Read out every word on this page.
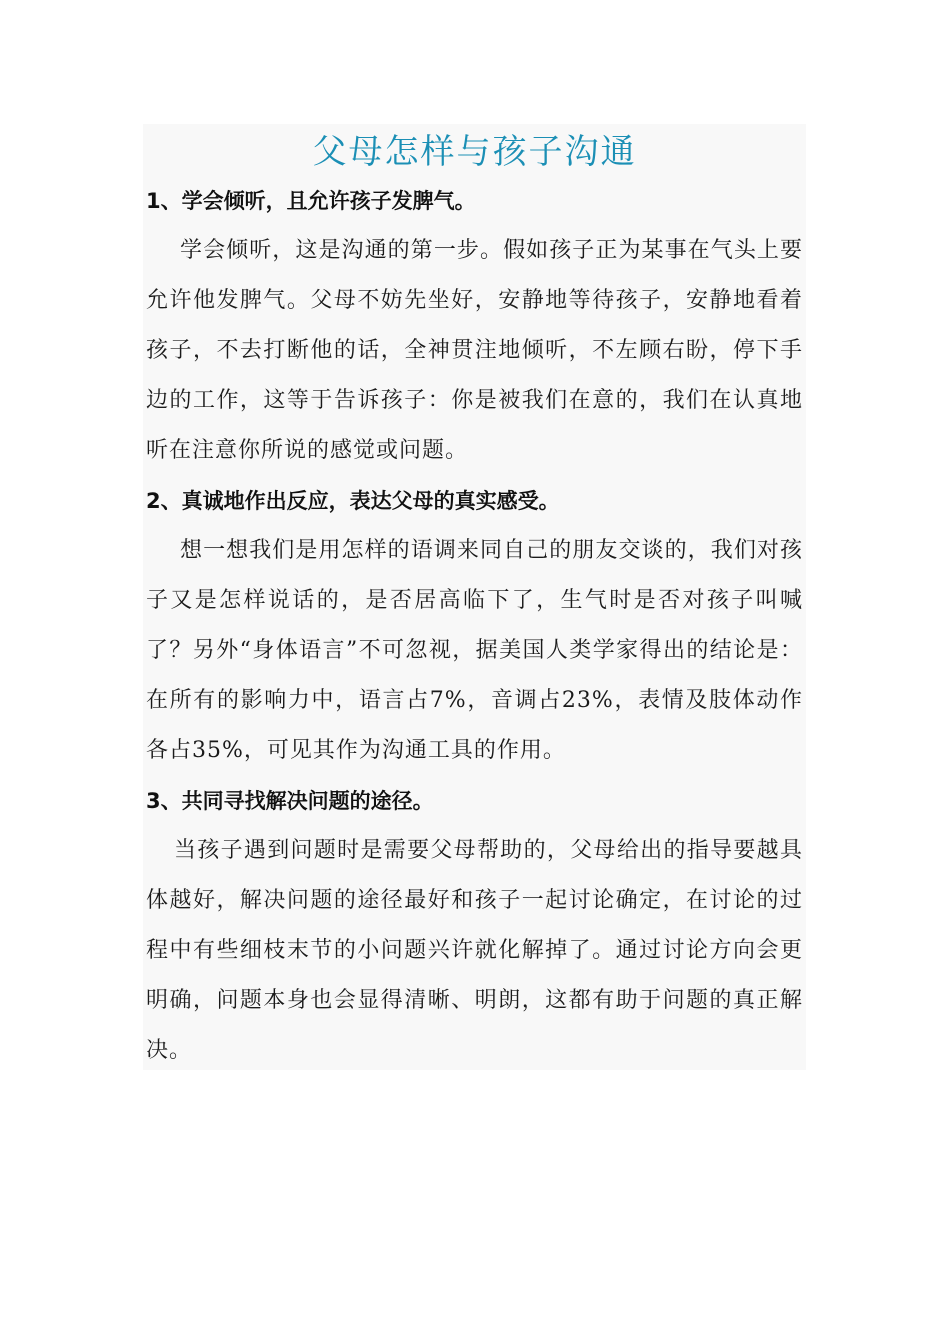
父母怎样与孩子沟通
1、学会倾听，且允许孩子发脾气。

学会倾听，这是沟通的第一步。假如孩子正为某事在气头上要允许他发脾气。父母不妨先坐好，安静地等待孩子，安静地看着孩子，不去打断他的话，全神贯注地倾听，不左顾右盼，停下手边的工作，这等于告诉孩子：你是被我们在意的，我们在认真地听在注意你所说的感觉或问题。

2、真诚地作出反应，表达父母的真实感受。

想一想我们是用怎样的语调来同自己的朋友交谈的，我们对孩子又是怎样说话的，是否居高临下了，生气时是否对孩子叫喊了？另外“身体语言”不可忽视，据美国人类学家得出的结论是：在所有的影响力中，语言占7%，音调占23%，表情及肢体动作各占35%，可见其作为沟通工具的作用。

3、共同寻找解决问题的途径。

当孩子遇到问题时是需要父母帮助的，父母给出的指导要越具体越好，解决问题的途径最好和孩子一起讨论确定，在讨论的过程中有些细枝末节的小问题兴许就化解掉了。通过讨论方向会更明确，问题本身也会显得清晰、明朗，这都有助于问题的真正解决。
